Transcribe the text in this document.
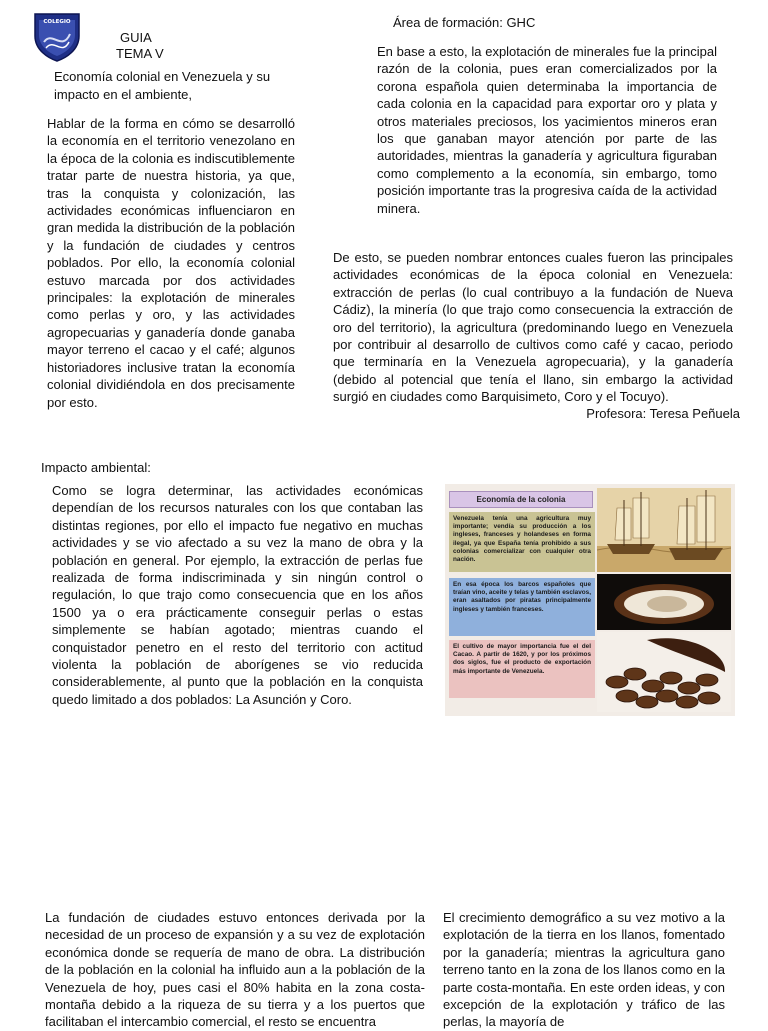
COLEGIO
GUIA
TEMA V
Área de formación: GHC
Economía colonial en Venezuela y su impacto en el ambiente,
Hablar de la forma en cómo se desarrolló la economía en el territorio venezolano en la época de la colonia es indiscutiblemente tratar parte de nuestra historia, ya que, tras la conquista y colonización, las actividades económicas influenciaron en gran medida la distribución de la población y la fundación de ciudades y centros poblados. Por ello, la economía colonial estuvo marcada por dos actividades principales: la explotación de minerales como perlas y oro, y las actividades agropecuarias y ganadería donde ganaba mayor terreno el cacao y el café; algunos historiadores inclusive tratan la economía colonial dividiéndola en dos precisamente por esto.
En base a esto, la explotación de minerales fue la principal razón de la colonia, pues eran comercializados por la corona española quien determinaba la importancia de cada colonia en la capacidad para exportar oro y plata y otros materiales preciosos, los yacimientos mineros eran los que ganaban mayor atención por parte de las autoridades, mientras la ganadería y agricultura figuraban como complemento a la economía, sin embargo, tomo posición importante tras la progresiva caída de la actividad minera.
De esto, se pueden nombrar entonces cuales fueron las principales actividades económicas de la época colonial en Venezuela: extracción de perlas (lo cual contribuyo a la fundación de Nueva Cádiz), la minería (lo que trajo como consecuencia la extracción de oro del territorio), la agricultura (predominando luego en Venezuela por contribuir al desarrollo de cultivos como café y cacao, periodo que terminaría en la Venezuela agropecuaria), y la ganadería (debido al potencial que tenía el llano, sin embargo la actividad surgió en ciudades como Barquisimeto, Coro y el Tocuyo).
Profesora: Teresa Peñuela
Impacto ambiental:
Como se logra determinar, las actividades económicas dependían de los recursos naturales con los que contaban las distintas regiones, por ello el impacto fue negativo en muchas actividades y se vio afectado a su vez la mano de obra y la población en general. Por ejemplo, la extracción de perlas fue realizada de forma indiscriminada y sin ningún control o regulación, lo que trajo como consecuencia que en los años 1500 ya o era prácticamente conseguir perlas o estas simplemente se habían agotado; mientras cuando el conquistador penetro en el resto del territorio con actitud violenta la población de aborígenes se vio reducida considerablemente, al punto que la población en la conquista quedo limitado a dos poblados: La Asunción y Coro.
Economía de la colonia
Venezuela tenía una agricultura muy importante; vendía su producción a los ingleses, franceses y holandeses en forma ilegal, ya que España tenía prohibido a sus colonias comercializar con cualquier otra nación.
En esa época los barcos españoles que traían vino, aceite y telas y también esclavos, eran asaltados por piratas principalmente ingleses y también franceses.
El cultivo de mayor importancia fue el del Cacao. A partir de 1620, y por los próximos dos siglos, fue el producto de exportación más importante de Venezuela.
La fundación de ciudades estuvo entonces derivada por la necesidad de un proceso de expansión y a su vez de explotación económica donde se requería de mano de obra. La distribución de la población en la colonial ha influido aun a la población de la Venezuela de hoy, pues casi el 80% habita en la zona costa-montaña debido a la riqueza de su tierra y a los puertos que facilitaban el intercambio comercial, el resto se encuentra
El crecimiento demográfico a su vez motivo a la explotación de la tierra en los llanos, fomentado por la ganadería; mientras la agricultura gano terreno tanto en la zona de los llanos como en la parte costa-montaña. En este orden ideas, y con excepción de la explotación y tráfico de las perlas, la mayoría de
